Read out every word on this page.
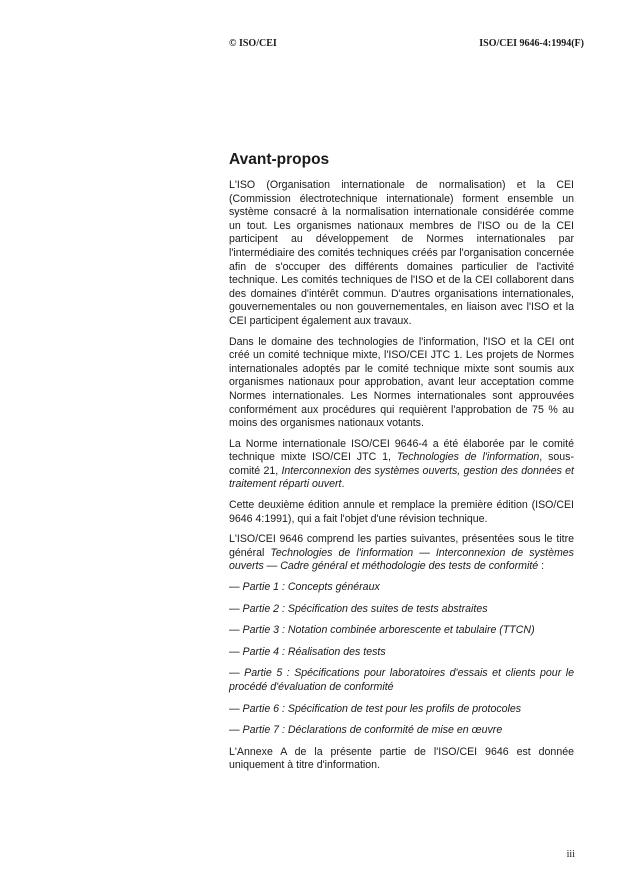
© ISO/CEI	ISO/CEI 9646-4:1994(F)
Avant-propos

L'ISO (Organisation internationale de normalisation) et la CEI (Commission électrotechnique internationale) forment ensemble un système consacré à la normalisation internationale considérée comme un tout. Les organismes nationaux membres de l'ISO ou de la CEI participent au développement de Normes internationales par l'intermédiaire des comités techniques créés par l'organisation concernée afin de s'occuper des différents domaines particulier de l'activité technique. Les comités techniques de l'ISO et de la CEI collaborent dans des domaines d'intérêt commun. D'autres organisations internationales, gouvernementales ou non gouvernementales, en liaison avec l'ISO et la CEI participent également aux travaux.

Dans le domaine des technologies de l'information, l'ISO et la CEI ont créé un comité technique mixte, l'ISO/CEI JTC 1. Les projets de Normes internationales adoptés par le comité technique mixte sont soumis aux organismes nationaux pour approbation, avant leur acceptation comme Normes internationales. Les Normes internationales sont approuvées conformément aux procédures qui requièrent l'approbation de 75 % au moins des organismes nationaux votants.

La Norme internationale ISO/CEI 9646-4 a été élaborée par le comité technique mixte ISO/CEI JTC 1, Technologies de l'information, sous-comité 21, Interconnexion des systèmes ouverts, gestion des données et traitement réparti ouvert.

Cette deuxième édition annule et remplace la première édition (ISO/CEI 9646 4:1991), qui a fait l'objet d'une révision technique.

L'ISO/CEI 9646 comprend les parties suivantes, présentées sous le titre général Technologies de l'information — Interconnexion de systèmes ouverts — Cadre général et méthodologie des tests de conformité :

— Partie 1 : Concepts généraux
— Partie 2 : Spécification des suites de tests abstraites
— Partie 3 : Notation combinée arborescente et tabulaire (TTCN)
— Partie 4 : Réalisation des tests
— Partie 5 : Spécifications pour laboratoires d'essais et clients pour le procédé d'évaluation de conformité
— Partie 6 : Spécification de test pour les profils de protocoles
— Partie 7 : Déclarations de conformité de mise en œuvre

L'Annexe A de la présente partie de l'ISO/CEI 9646 est donnée uniquement à titre d'information.

iii
